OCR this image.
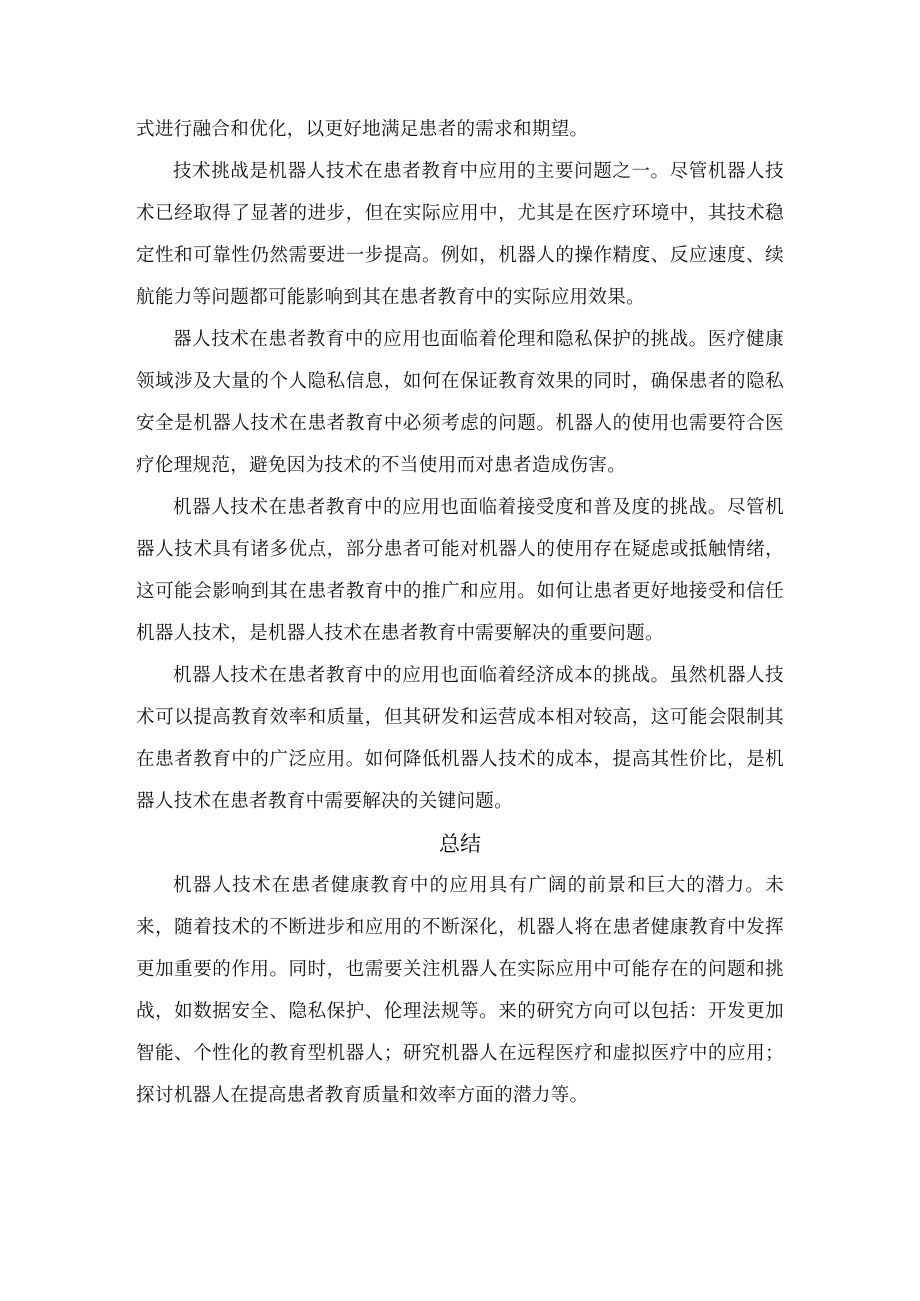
式进行融合和优化，以更好地满足患者的需求和期望。

技术挑战是机器人技术在患者教育中应用的主要问题之一。尽管机器人技术已经取得了显著的进步，但在实际应用中，尤其是在医疗环境中，其技术稳定性和可靠性仍然需要进一步提高。例如，机器人的操作精度、反应速度、续航能力等问题都可能影响到其在患者教育中的实际应用效果。

器人技术在患者教育中的应用也面临着伦理和隐私保护的挑战。医疗健康领域涉及大量的个人隐私信息，如何在保证教育效果的同时，确保患者的隐私安全是机器人技术在患者教育中必须考虑的问题。机器人的使用也需要符合医疗伦理规范，避免因为技术的不当使用而对患者造成伤害。

机器人技术在患者教育中的应用也面临着接受度和普及度的挑战。尽管机器人技术具有诸多优点，部分患者可能对机器人的使用存在疑虑或抵触情绪，这可能会影响到其在患者教育中的推广和应用。如何让患者更好地接受和信任机器人技术，是机器人技术在患者教育中需要解决的重要问题。

机器人技术在患者教育中的应用也面临着经济成本的挑战。虽然机器人技术可以提高教育效率和质量，但其研发和运营成本相对较高，这可能会限制其在患者教育中的广泛应用。如何降低机器人技术的成本，提高其性价比，是机器人技术在患者教育中需要解决的关键问题。

总结

机器人技术在患者健康教育中的应用具有广阔的前景和巨大的潜力。未来，随着技术的不断进步和应用的不断深化，机器人将在患者健康教育中发挥更加重要的作用。同时，也需要关注机器人在实际应用中可能存在的问题和挑战，如数据安全、隐私保护、伦理法规等。来的研究方向可以包括：开发更加智能、个性化的教育型机器人；研究机器人在远程医疗和虚拟医疗中的应用；探讨机器人在提高患者教育质量和效率方面的潜力等。
